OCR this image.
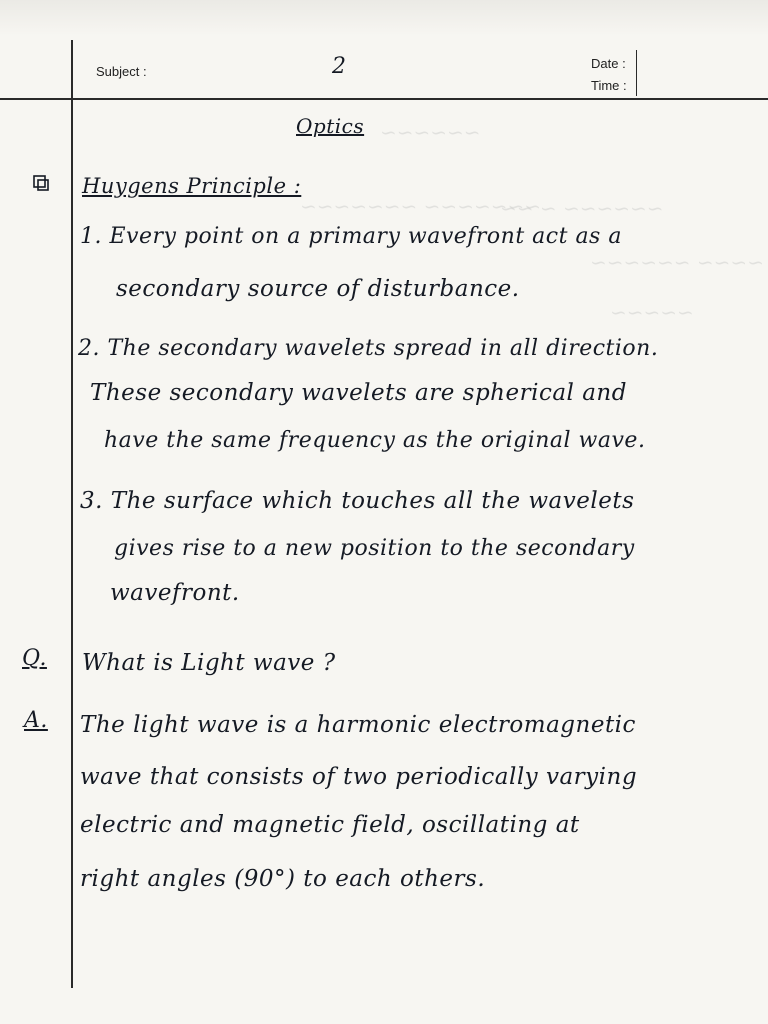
~~~~~~~ ~~~~~~~
~~~~~~ ~ ~~
~~~~ ~~~~~~
~~~~~
~~~~~~
Subject :	2	Date :
Time :
Optics
Huygens Principle :
1. Every point on a primary wavefront act as a
secondary source of disturbance.
2. The secondary wavelets spread in all direction.
These secondary wavelets are spherical and
have the same frequency as the original wave.
3. The surface which touches all the wavelets
gives rise to a new position to the secondary
wavefront.
Q. What is Light wave ?
A. The light wave is a harmonic electromagnetic
wave that consists of two periodically varying
electric and magnetic field, oscillating at
right angles (90°) to each others.
